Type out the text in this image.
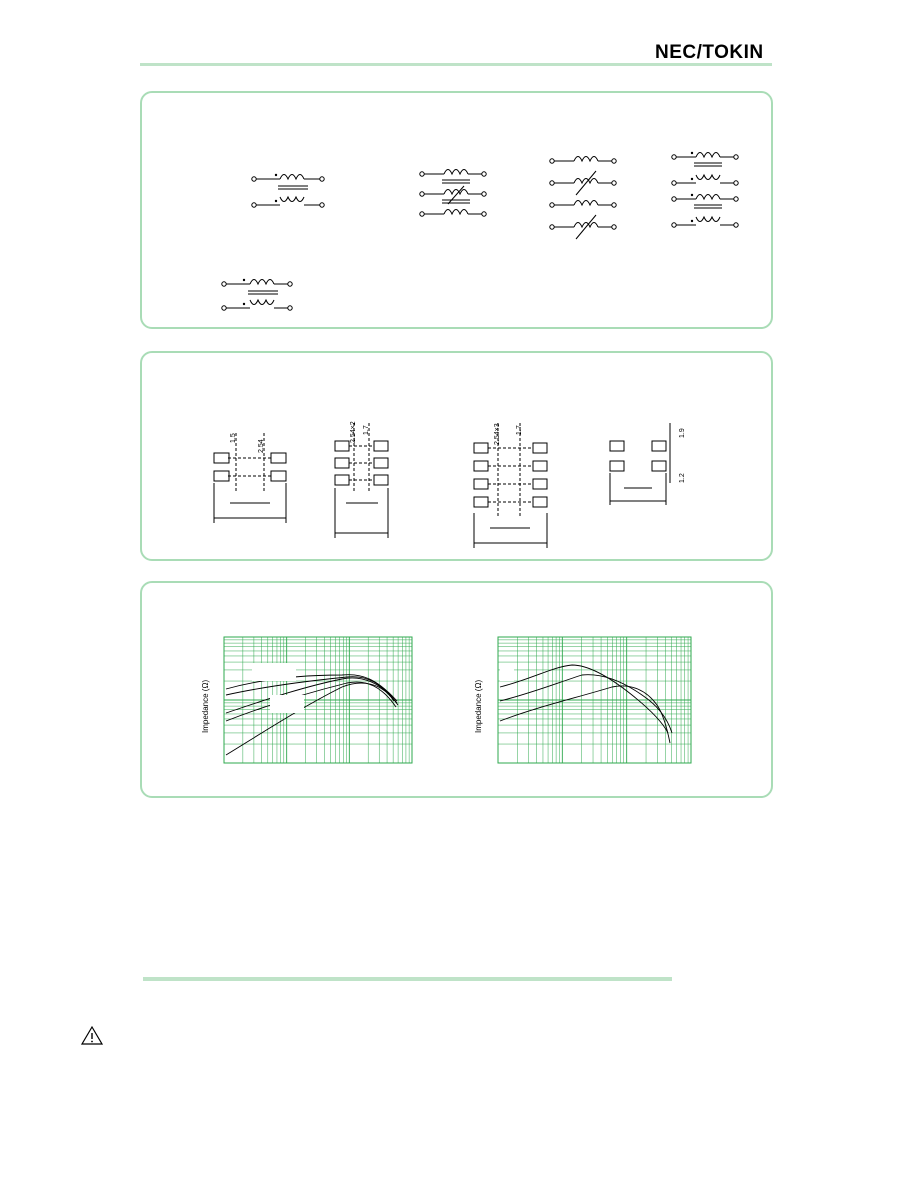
NEC/TOKIN
1.5
2.54
2.54×2 1.7	2.54×3 1.7	1.9
1.2
Impedance (Ω)	Impedance (Ω)
